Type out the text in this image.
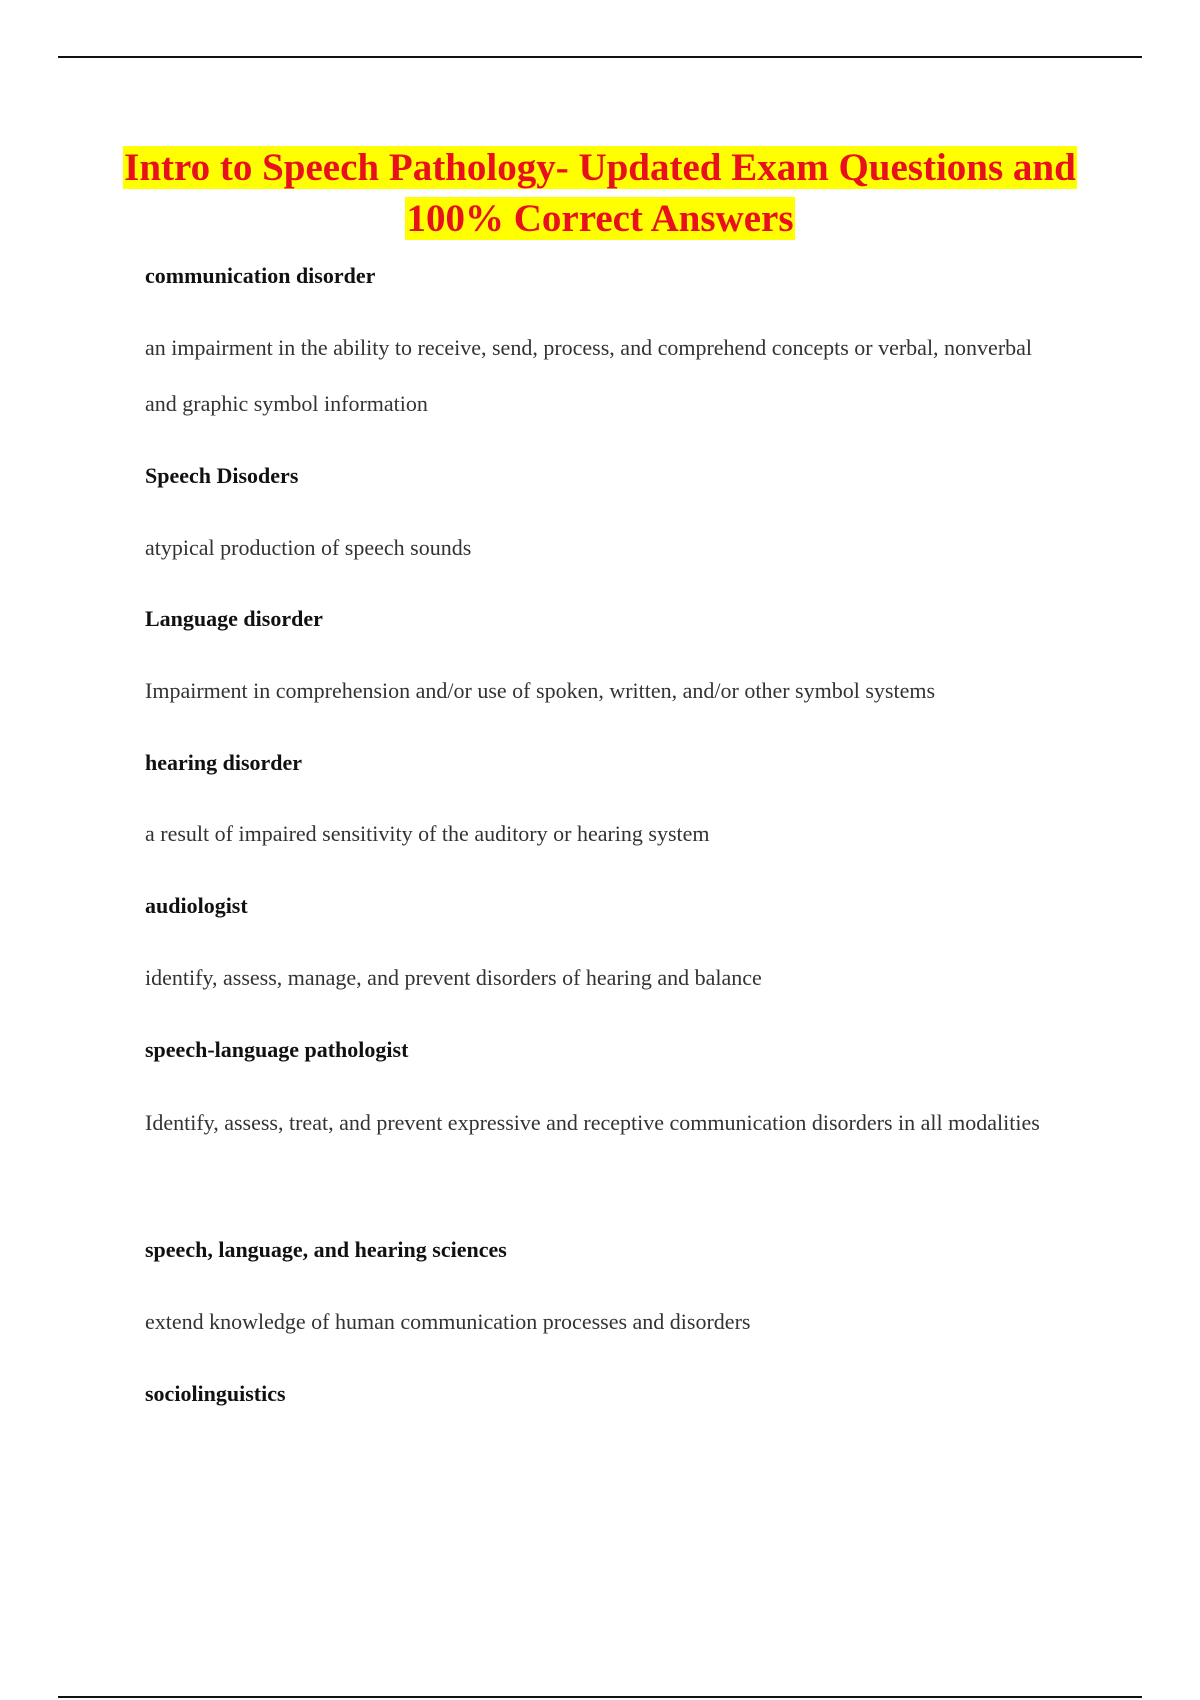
Intro to Speech Pathology- Updated Exam Questions and 100% Correct Answers

communication disorder

an impairment in the ability to receive, send, process, and comprehend concepts or verbal, nonverbal and graphic symbol information

Speech Disoders

atypical production of speech sounds

Language disorder

Impairment in comprehension and/or use of spoken, written, and/or other symbol systems

hearing disorder

a result of impaired sensitivity of the auditory or hearing system

audiologist

identify, assess, manage, and prevent disorders of hearing and balance

speech-language pathologist

Identify, assess, treat, and prevent expressive and receptive communication disorders in all modalities

speech, language, and hearing sciences

extend knowledge of human communication processes and disorders

sociolinguistics
